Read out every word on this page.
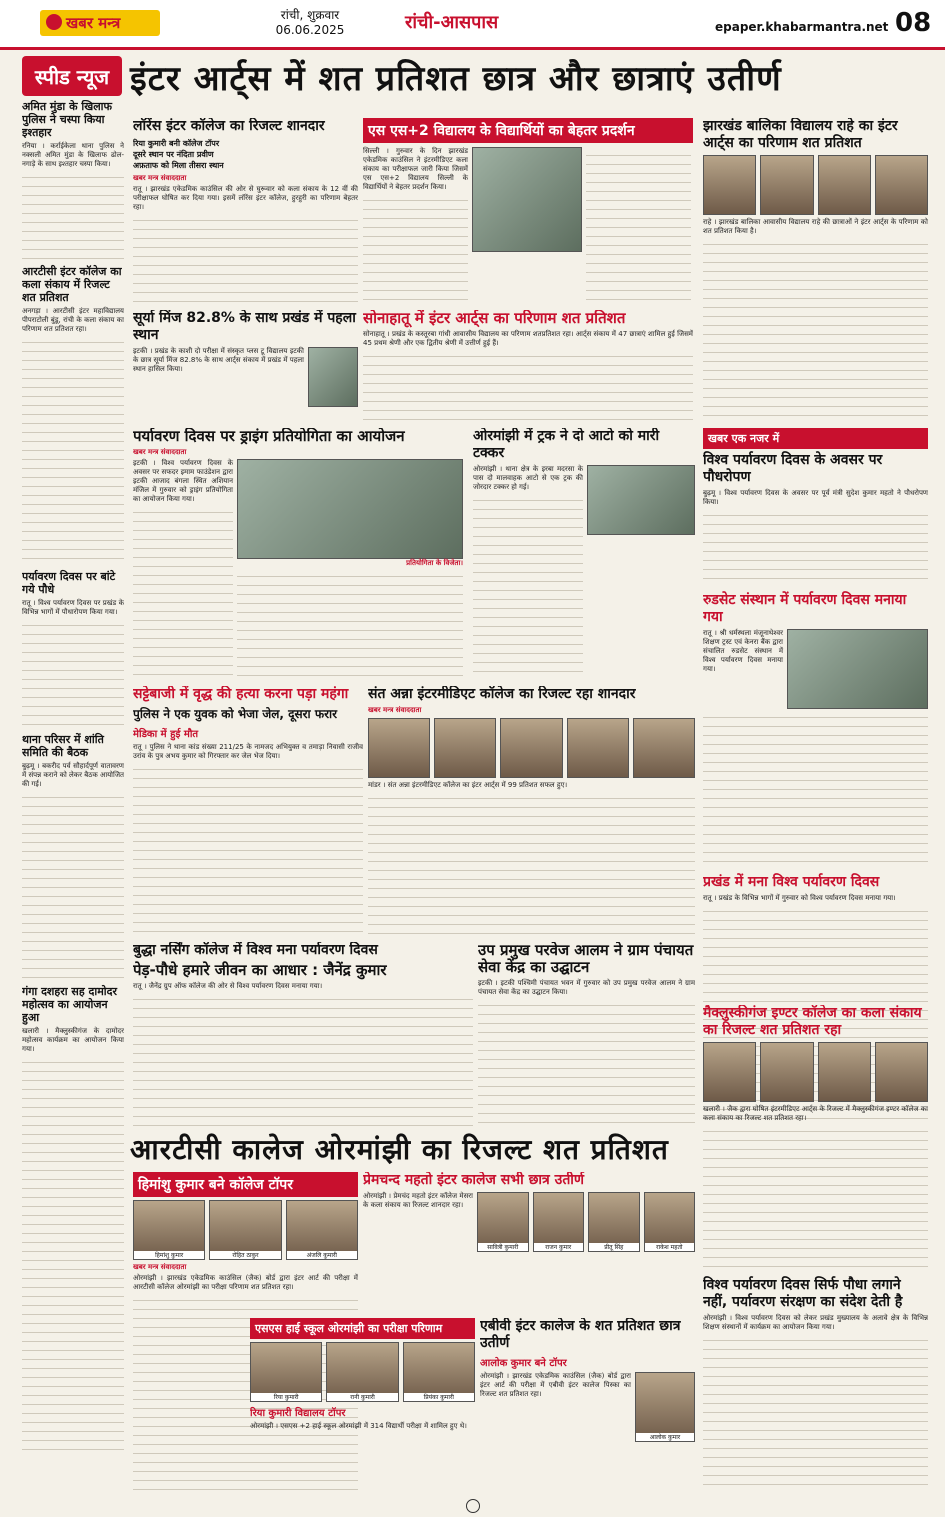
खबर मन्त्र	रांची, शुक्रवार
06.06.2025	रांची-आसपास	epaper.khabarmantra.net 08
स्पीड न्यूज इंटर आर्ट्स में शत प्रतिशत छात्र और छात्राएं उतीर्ण
अमित मुंडा के खिलाफ पुलिस ने चस्पा किया इश्तहार
रनिया । कर्राईकेला थाना पुलिस ने नक्सली अमित मुंडा के खिलाफ ढोल-नगाड़े के साथ इश्तहार चस्पा किया।
आरटीसी इंटर कॉलेज का कला संकाय में रिजल्ट शत प्रतिशत
अनगड़ा । आरटीसी इंटर महाविद्यालय पीपराटोली बुंडू, रांची के कला संकाय का परिणाम शत प्रतिशत रहा।
पर्यावरण दिवस पर बांटे गये पौधे
रातू । विश्व पर्यावरण दिवस पर प्रखंड के विभिन्न भागों में पौधारोपण किया गया।
थाना परिसर में शांति समिति की बैठक
बुढ़मू । बकरीद पर्व सौहार्दपूर्ण वातावरण में संपन्न कराने को लेकर बैठक आयोजित की गई।
गंगा दशहरा सह दामोदर महोत्सव का आयोजन हुआ
खलारी । मैक्लुस्कीगंज के दामोदर महोत्सव कार्यक्रम का आयोजन किया गया।
लॉरेंस इंटर कॉलेज का रिजल्ट शानदार
रिया कुमारी बनी कॉलेज टॉपर
दूसरे स्थान पर नंदिता प्रवीण
अफ़ताफ को मिला तीसरा स्थान
खबर मन्त्र संवाददाता
रातू । झारखंड एकेडमिक काउंसिल की ओर से घुरूवार को कला संकाय के 12 वीं की परीक्षाफल घोषित कर दिया गया। इसमें लॉरेंस इंटर कॉलेज, हुरहुरी का परिणाम बेहतर रहा।
एस एस+2 विद्यालय के विद्यार्थियों का बेहतर प्रदर्शन
सिल्ली । गुरुवार के दिन झारखंड एकेडमिक काउंसिल ने इंटरमीडिएट कला संकाय का परीक्षाफल जारी किया जिसमें एस एस+2 विद्यालय सिल्ली के विद्यार्थियों ने बेहतर प्रदर्शन किया।
झारखंड बालिका विद्यालय राहे का इंटर आर्ट्स का परिणाम शत प्रतिशत
राहे । झारखंड बालिका आवासीय विद्यालय राहे की छात्राओं ने इंटर आर्ट्स के परिणाम को शत प्रतिशत किया है।
सूर्या मिंज 82.8% के साथ प्रखंड में पहला स्थान
इटकी । प्रखंड के काशी दो परीक्षा में संस्कृत प्लस टू विद्यालय इटकी के छात्र सूर्या मिंज 82.8% के साथ आर्ट्स संकाय में प्रखंड में पहला स्थान हासिल किया।
सोनाहातू में इंटर आर्ट्स का परिणाम शत प्रतिशत
सोनाहातू । प्रखंड के कस्तूरबा गांधी आवासीय विद्यालय का परिणाम शतप्रतिशत रहा। आर्ट्स संकाय में 47 छात्राएं शामिल हुई जिसमें 45 प्रथम श्रेणी और एक द्वितीय श्रेणी में उत्तीर्ण हुई हैं।
पर्यावरण दिवस पर ड्राइंग प्रतियोगिता का आयोजन
खबर मन्त्र संवाददाता
इटकी । विश्व पर्यावरण दिवस के अवसर पर सफदर इमाम फाउंडेशन द्वारा इटकी आजाद बंगला स्थित अशियान मंजिल में गुरुवार को ड्राइंग प्रतियोगिता का आयोजन किया गया।
प्रतियोगिता के विजेता।
ओरमांझी में ट्रक ने दो आटो को मारी टक्कर
ओरमांझी । थाना क्षेत्र के इरबा मदरसा के पास दो मालवाहक आटो से एक ट्रक की जोरदार टक्कर हो गई।
खबर एक नजर में
विश्व पर्यावरण दिवस के अवसर पर पौधरोपण
बुढ़मू । विश्व पर्यावरण दिवस के अवसर पर पूर्व मंत्री सुदेश कुमार महतो ने पौधरोपण किया।
रुडसेट संस्थान में पर्यावरण दिवस मनाया गया
रातू । श्री धर्मस्थला मंजूनाथेश्वर शिक्षण ट्रस्ट एवं केनरा बैंक द्वारा संचालित रुडसेट संस्थान में विश्व पर्यावरण दिवस मनाया गया।
प्रखंड में मना विश्व पर्यावरण दिवस
रातू । प्रखंड के विभिन्न भागों में गुरुवार को विश्व पर्यावरण दिवस मनाया गया।
सट्टेबाजी में वृद्ध की हत्या करना पड़ा महंगा
पुलिस ने एक युवक को भेजा जेल, दूसरा फरार
मेडिका में हुई मौत
रातू । पुलिस ने थाना कांड संख्या 211/25 के नामजद अभियुक्त व तमाड़ा निवासी राजीव उरांव के पुत्र अभय कुमार को गिरफ्तार कर जेल भेज दिया।
संत अन्ना इंटरमीडिएट कॉलेज का रिजल्ट रहा शानदार
खबर मन्त्र संवाददाता
मांडर । संत अन्ना इंटरमीडिएट कॉलेज का इंटर आर्ट्स में 99 प्रतिशत सफल हुए।
बुद्धा नर्सिंग कॉलेज में विश्व मना पर्यावरण दिवस
पेड़-पौधे हमारे जीवन का आधार : जैनेंद्र कुमार
रातू । जैनेंद्र ग्रुप ऑफ कॉलेज की ओर से विश्व पर्यावरण दिवस मनाया गया।
उप प्रमुख परवेज आलम ने ग्राम पंचायत सेवा केंद्र का उद्घाटन
इटकी । इटकी पश्चिमी पंचायत भवन में गुरुवार को उप प्रमुख परवेज आलम ने ग्राम पंचायत सेवा केंद्र का उद्घाटन किया।
आरटीसी कालेज ओरमांझी का रिजल्ट शत प्रतिशत
मैक्लुस्कीगंज इण्टर कॉलेज का कला संकाय का रिजल्ट शत प्रतिशत रहा
खलारी । जैक द्वारा घोषित इंटरमीडिएट आर्ट्स के रिजल्ट में मैक्लुस्कीगंज इण्टर कॉलेज का कला संकाय का रिजल्ट शत प्रतिशत रहा।
विश्व पर्यावरण दिवस सिर्फ पौधा लगाने नहीं, पर्यावरण संरक्षण का संदेश देती है
ओरमांझी । विश्व पर्यावरण दिवस को लेकर प्रखंड मुख्यालय के अलावे क्षेत्र के विभिन्न शिक्षण संस्थानों में कार्यक्रम का आयोजन किया गया।
हिमांशु कुमार बने कॉलेज टॉपर
हिमांशु कुमार	रोहित ठाकुर	अंजलि कुमारी
खबर मन्त्र संवाददाता
ओरमांझी । झारखंड एकेडमिक काउंसिल (जैक) बोर्ड द्वारा इंटर आर्ट की परीक्षा में आरटीसी कॉलेज ओरमांझी का परीक्षा परिणाम शत प्रतिशत रहा।
प्रेमचन्द महतो इंटर कालेज सभी छात्र उतीर्ण
ओरमांझी । प्रेमचंद महतो इंटर कॉलेज मेसरा के कला संकाय का रिजल्ट शानदार रहा।
सावित्री कुमारी	राजन कुमार	प्रीतू सिंह	राकेश महतो
एसएस हाई स्कूल ओरमांझी का परीक्षा परिणाम
रिया कुमारी	रानी कुमारी	प्रियंका कुमारी
रिया कुमारी विद्यालय टॉपर
ओरमांझी । एसएस +2 हाई स्कूल ओरमांझी में 314 विद्यार्थी परीक्षा में शामिल हुए थे।
एबीवी इंटर कालेज के शत प्रतिशत छात्र उतीर्ण
आलोक कुमार बने टॉपर
ओरमांझी । झारखंड एकेडमिक काउंसिल (जैक) बोर्ड द्वारा इंटर आर्ट की परीक्षा में एबीवी इंटर कालेज पिस्का का रिजल्ट शत प्रतिशत रहा।
आलोक कुमार
